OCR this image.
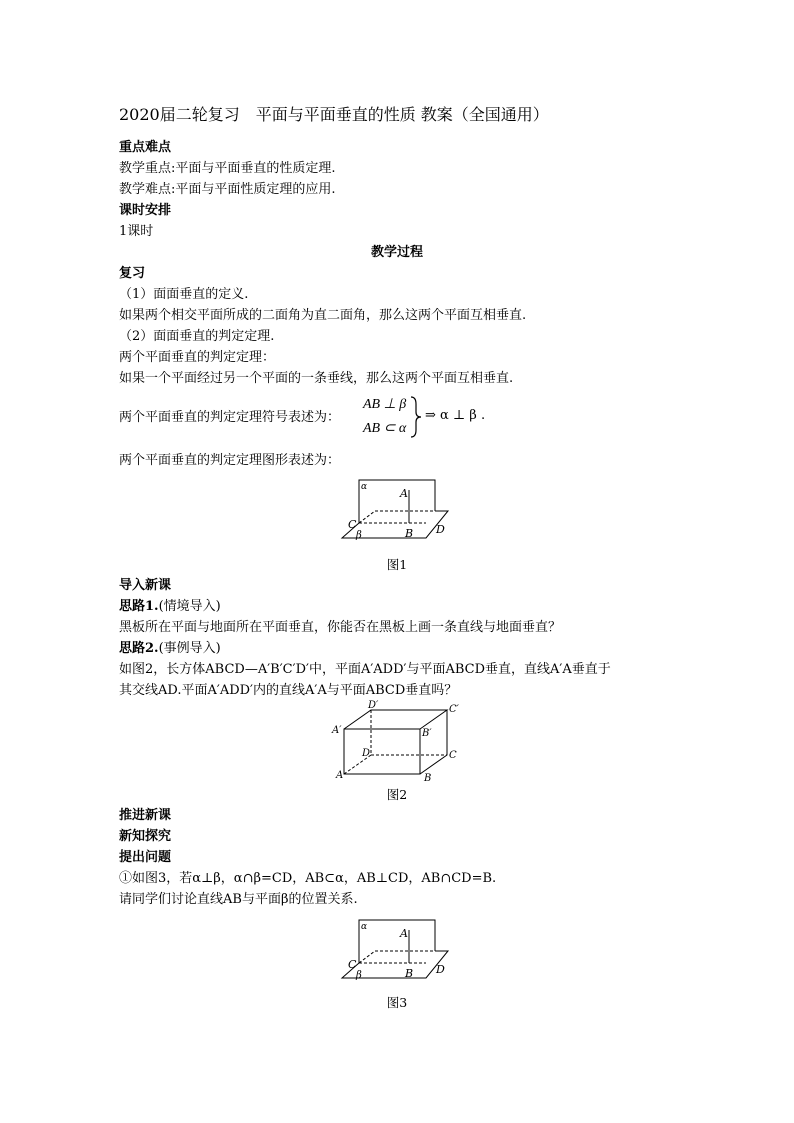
2020届二轮复习　平面与平面垂直的性质 教案（全国通用）
重点难点
教学重点:平面与平面垂直的性质定理.
教学难点:平面与平面性质定理的应用.
课时安排
1课时
教学过程
复习
（1）面面垂直的定义.
如果两个相交平面所成的二面角为直二面角，那么这两个平面互相垂直.
（2）面面垂直的判定定理.
两个平面垂直的判定定理：
如果一个平面经过另一个平面的一条垂线，那么这两个平面互相垂直.
两个平面垂直的判定定理符号表述为：
AB ⊥ β
AB ⊂ α
⇒ α ⊥ β .
两个平面垂直的判定定理图形表述为：
α	A
C	D
β	B
图1
导入新课
思路1.(情境导入)
黑板所在平面与地面所在平面垂直，你能否在黑板上画一条直线与地面垂直？
思路2.(事例导入)
如图2，长方体ABCD—A′B′C′D′中，平面A′ADD′与平面ABCD垂直，直线A′A垂直于
其交线AD.平面A′ADD′内的直线A′A与平面ABCD垂直吗？
D′	C′
A′	B′
D	C
A	B
图2
推进新课
新知探究
提出问题
①如图3，若α⊥β，α∩β=CD，AB⊂α，AB⊥CD，AB∩CD=B.
请同学们讨论直线AB与平面β的位置关系.
α	A
C	D
β	B
图3
